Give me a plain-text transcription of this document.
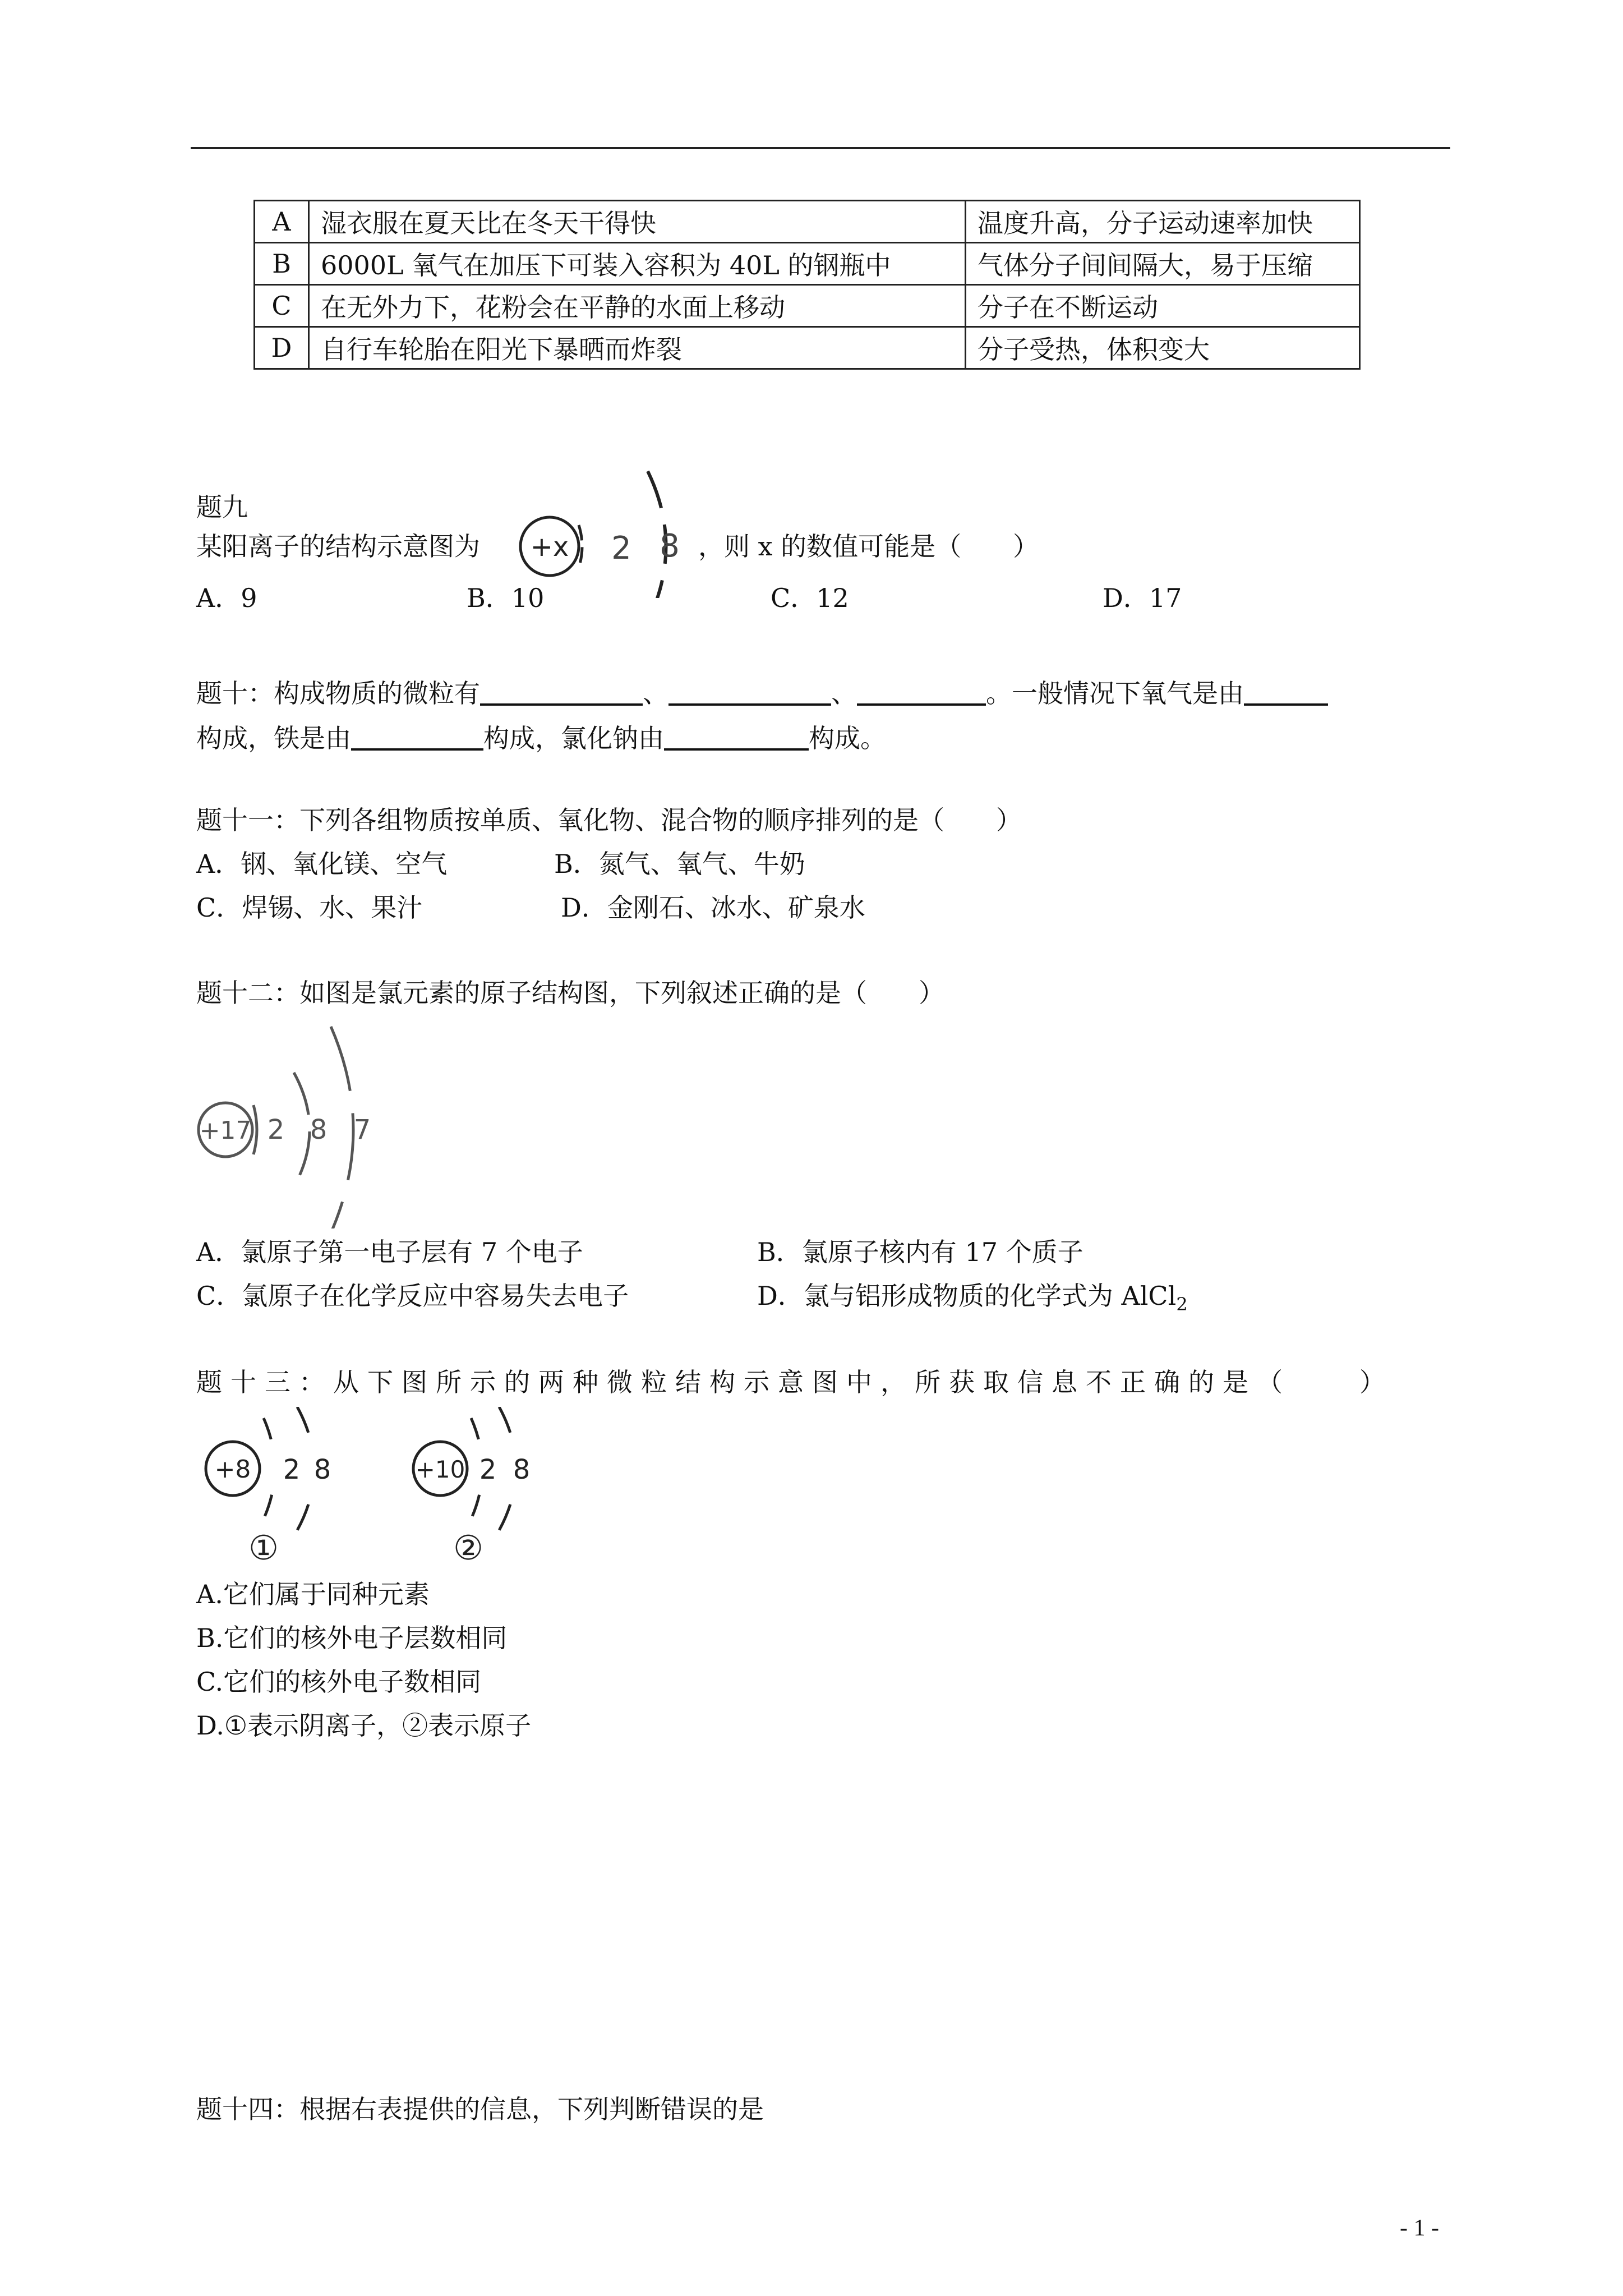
A	湿衣服在夏天比在冬天干得快	温度升高，分子运动速率加快
B	6000L 氧气在加压下可装入容积为 40L 的钢瓶中	气体分子间间隔大，易于压缩
C	在无外力下，花粉会在平静的水面上移动	分子在不断运动
D	自行车轮胎在阳光下暴晒而炸裂	分子受热，体积变大
题九
某阳离子的结构示意图为 +x 2 8 ，则 x 的数值可能是（　　）
A．9	B．10	C．12	D．17
题十：构成物质的微粒有	、	、	。一般情况下氧气是由
构成，铁是由	构成，氯化钠由	构成。
题十一：下列各组物质按单质、氧化物、混合物的顺序排列的是（　　）
A．钢、氧化镁、空气	B．氮气、氧气、牛奶
C．焊锡、水、果汁	D．金刚石、冰水、矿泉水
题十二：如图是氯元素的原子结构图，下列叙述正确的是（　　）
+17 2 8 7
A．氯原子第一电子层有 7 个电子	B．氯原子核内有 17 个质子
C．氯原子在化学反应中容易失去电子	D．氯与铝形成物质的化学式为 AlCl$_2$
题十三：从下图所示的两种微粒结构示意图中，所获取信息不正确的是（　　）
+8 2 8
①
+10 2 8
②
A.它们属于同种元素
B.它们的核外电子层数相同
C.它们的核外电子数相同
D.①表示阴离子，②表示原子
题十四：根据右表提供的信息，下列判断错误的是
- 1 -
